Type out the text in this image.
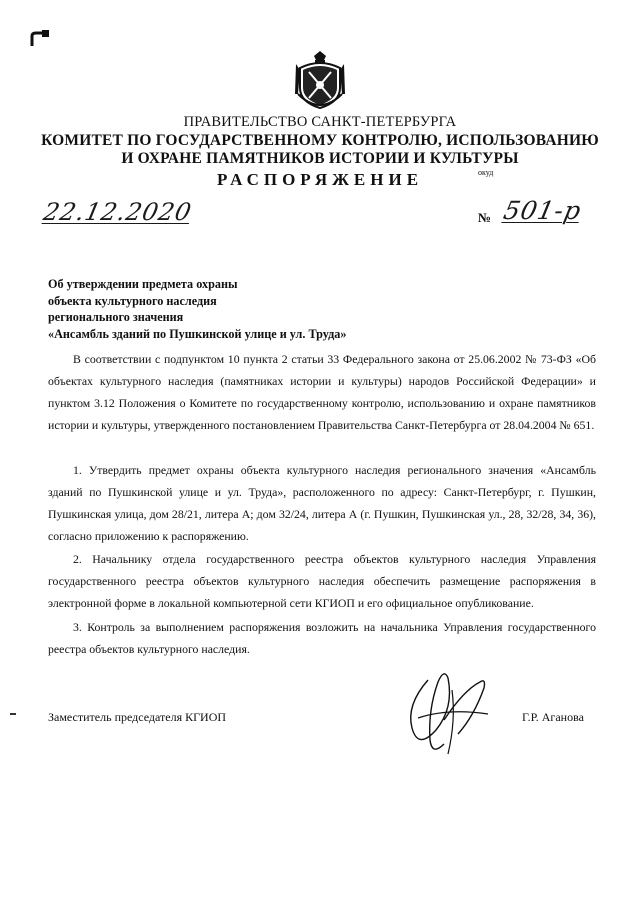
ПРАВИТЕЛЬСТВО САНКТ-ПЕТЕРБУРГА
КОМИТЕТ ПО ГОСУДАРСТВЕННОМУ КОНТРОЛЮ, ИСПОЛЬЗОВАНИЮ
И ОХРАНЕ ПАМЯТНИКОВ ИСТОРИИ И КУЛЬТУРЫ
РАСПОРЯЖЕНИЕ	окуд
22.12.2020	№ 501-р
Об утверждении предмета охраны
объекта культурного наследия
регионального значения
«Ансамбль зданий по Пушкинской улице и ул. Труда»

В соответствии с подпунктом 10 пункта 2 статьи 33 Федерального закона от 25.06.2002 № 73-ФЗ «Об объектах культурного наследия (памятниках истории и культуры) народов Российской Федерации» и пунктом 3.12 Положения о Комитете по государственному контролю, использованию и охране памятников истории и культуры, утвержденного постановлением Правительства Санкт-Петербурга от 28.04.2004 № 651.

1. Утвердить предмет охраны объекта культурного наследия регионального значения «Ансамбль зданий по Пушкинской улице и ул. Труда», расположенного по адресу: Санкт-Петербург, г. Пушкин, Пушкинская улица, дом 28/21, литера А; дом 32/24, литера А (г. Пушкин, Пушкинская ул., 28, 32/28, 34, 36), согласно приложению к распоряжению.

2. Начальнику отдела государственного реестра объектов культурного наследия Управления государственного реестра объектов культурного наследия обеспечить размещение распоряжения в электронной форме в локальной компьютерной сети КГИОП и его официальное опубликование.

3. Контроль за выполнением распоряжения возложить на начальника Управления государственного реестра объектов культурного наследия.

Заместитель председателя КГИОП	Г.Р. Аганова
